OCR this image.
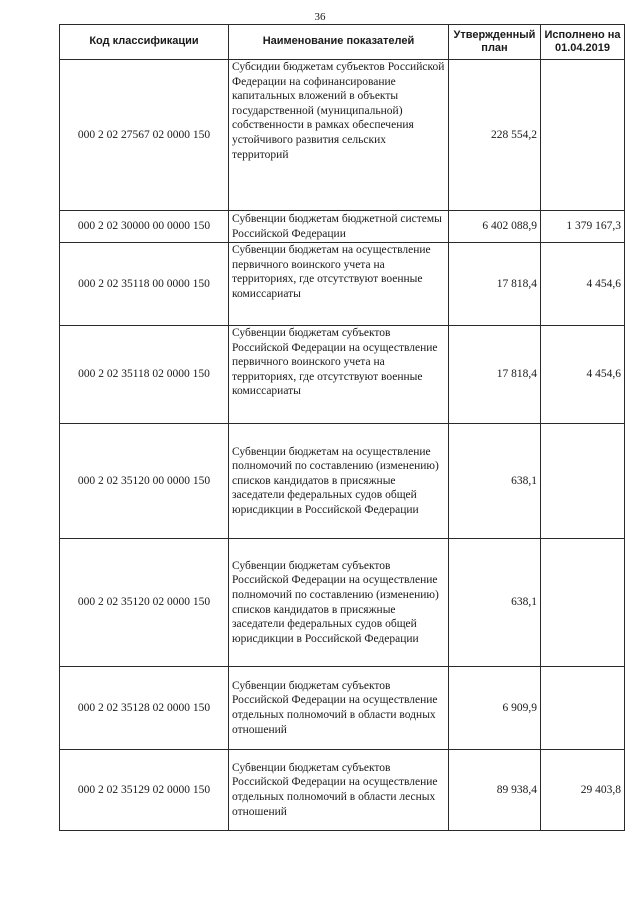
36
Код классификации	Наименование показателей	Утвержденный план	Исполнено на 01.04.2019
000 2 02 27567 02 0000 150	Субсидии бюджетам субъектов Российской Федерации на софинансирование капитальных вложений в объекты государственной (муниципальной) собственности в рамках обеспечения устойчивого развития сельских территорий	228 554,2	
000 2 02 30000 00 0000 150	Субвенции бюджетам бюджетной системы Российской Федерации	6 402 088,9	1 379 167,3
000 2 02 35118 00 0000 150	Субвенции бюджетам на осуществление первичного воинского учета на территориях, где отсутствуют военные комиссариаты	17 818,4	4 454,6
000 2 02 35118 02 0000 150	Субвенции бюджетам субъектов Российской Федерации на осуществление первичного воинского учета на территориях, где отсутствуют военные комиссариаты	17 818,4	4 454,6
000 2 02 35120 00 0000 150	Субвенции бюджетам на осуществление полномочий по составлению (изменению) списков кандидатов в присяжные заседатели федеральных судов общей юрисдикции в Российской Федерации	638,1	
000 2 02 35120 02 0000 150	Субвенции бюджетам субъектов Российской Федерации на осуществление полномочий по составлению (изменению) списков кандидатов в присяжные заседатели федеральных судов общей юрисдикции в Российской Федерации	638,1	
000 2 02 35128 02 0000 150	Субвенции бюджетам субъектов Российской Федерации на осуществление отдельных полномочий в области водных отношений	6 909,9	
000 2 02 35129 02 0000 150	Субвенции бюджетам субъектов Российской Федерации на осуществление отдельных полномочий в области лесных отношений	89 938,4	29 403,8
